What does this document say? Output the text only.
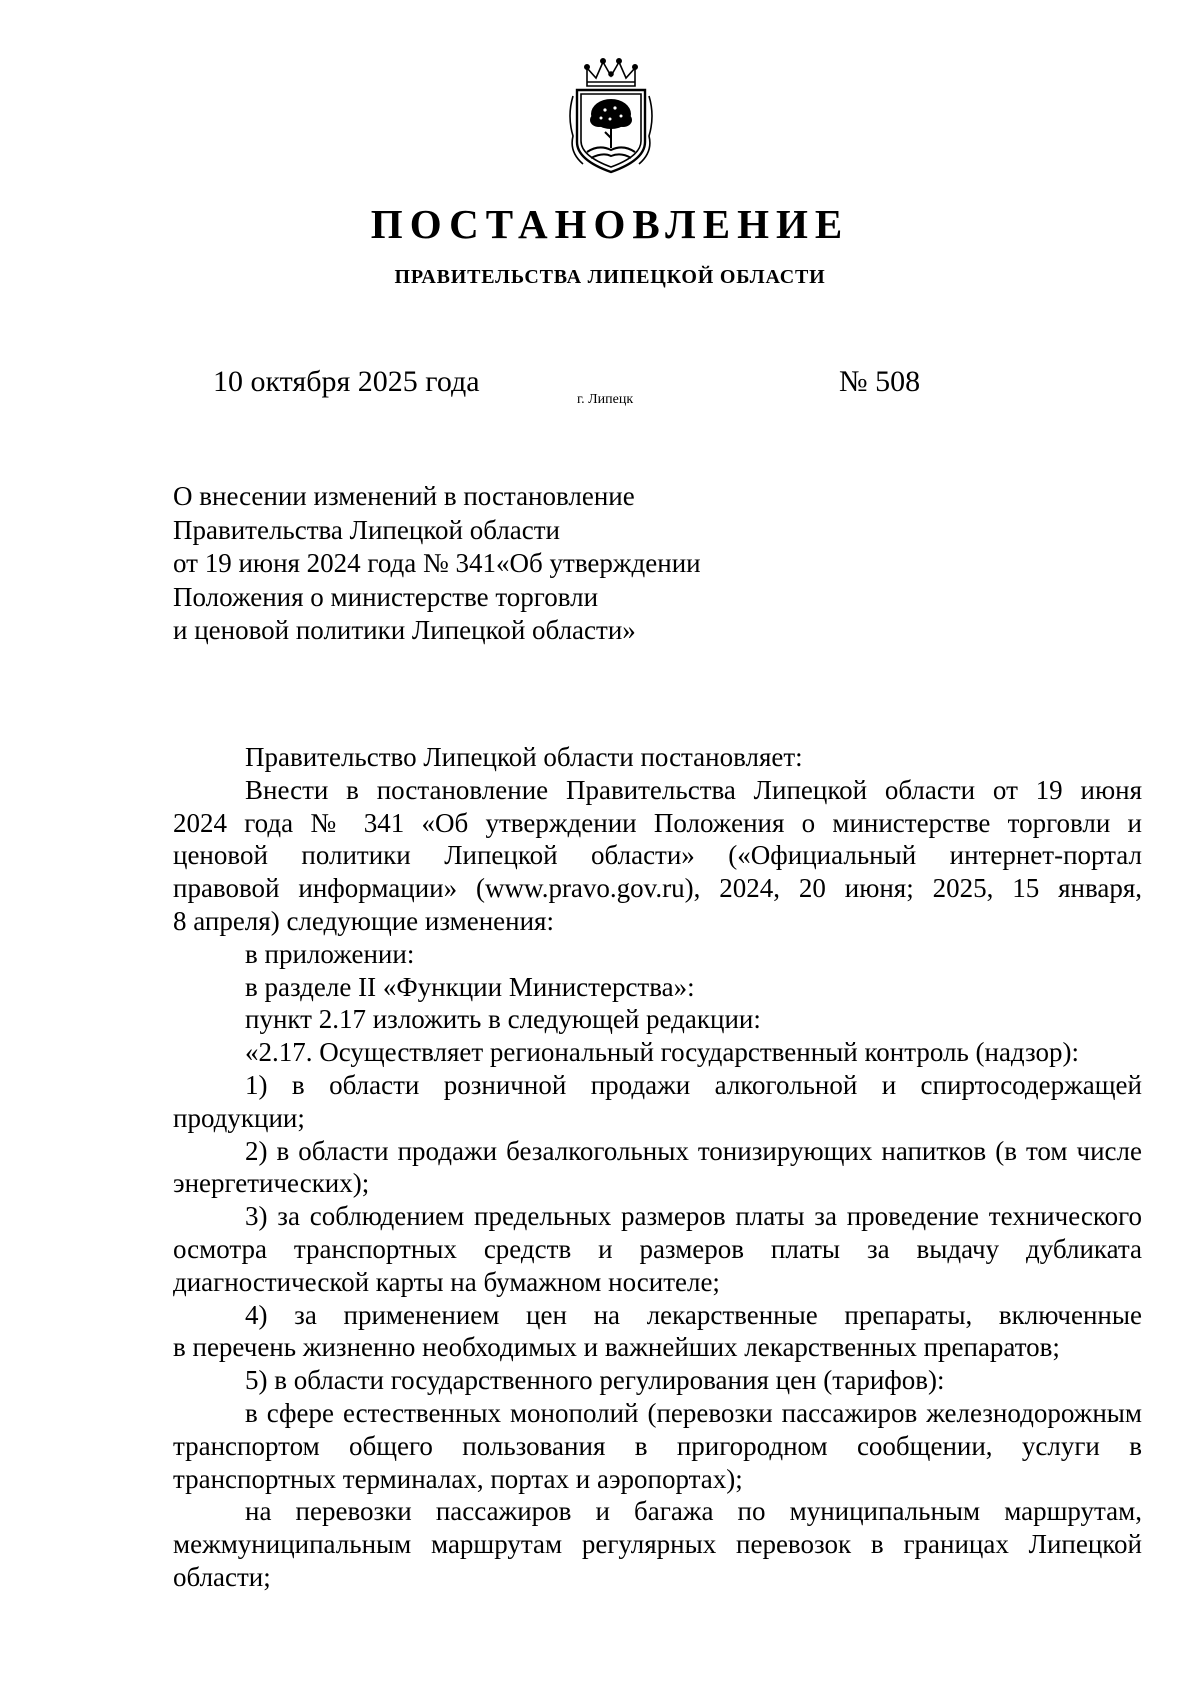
ПОСТАНОВЛЕНИЕ
ПРАВИТЕЛЬСТВА ЛИПЕЦКОЙ ОБЛАСТИ
10 октября 2025 года
г. Липецк
№ 508
О внесении изменений в постановление
Правительства Липецкой области
от 19 июня 2024 года № 341«Об утверждении
Положения о министерстве торговли
и ценовой политики Липецкой области»

Правительство Липецкой области постановляет:

Внести в постановление Правительства Липецкой области от 19 июня

2024 года № 341 «Об утверждении Положения о министерстве торговли и

ценовой политики Липецкой области» («Официальный интернет-портал

правовой информации» (www.pravo.gov.ru), 2024, 20 июня; 2025, 15 января,

8 апреля) следующие изменения:

в приложении:

в разделе II «Функции Министерства»:

пункт 2.17 изложить в следующей редакции:

«2.17. Осуществляет региональный государственный контроль (надзор):

1) в области розничной продажи алкогольной и спиртосодержащей продукции;

2) в области продажи безалкогольных тонизирующих напитков (в том числе энергетических);

3) за соблюдением предельных размеров платы за проведение технического осмотра транспортных средств и размеров платы за выдачу дубликата диагностической карты на бумажном носителе;

4) за применением цен на лекарственные препараты, включенные

в перечень жизненно необходимых и важнейших лекарственных препаратов;

5) в области государственного регулирования цен (тарифов):

в сфере естественных монополий (перевозки пассажиров железнодорожным транспортом общего пользования в пригородном сообщении, услуги в транспортных терминалах, портах и аэропортах);

на перевозки пассажиров и багажа по муниципальным маршрутам, межмуниципальным маршрутам регулярных перевозок в границах Липецкой области;
